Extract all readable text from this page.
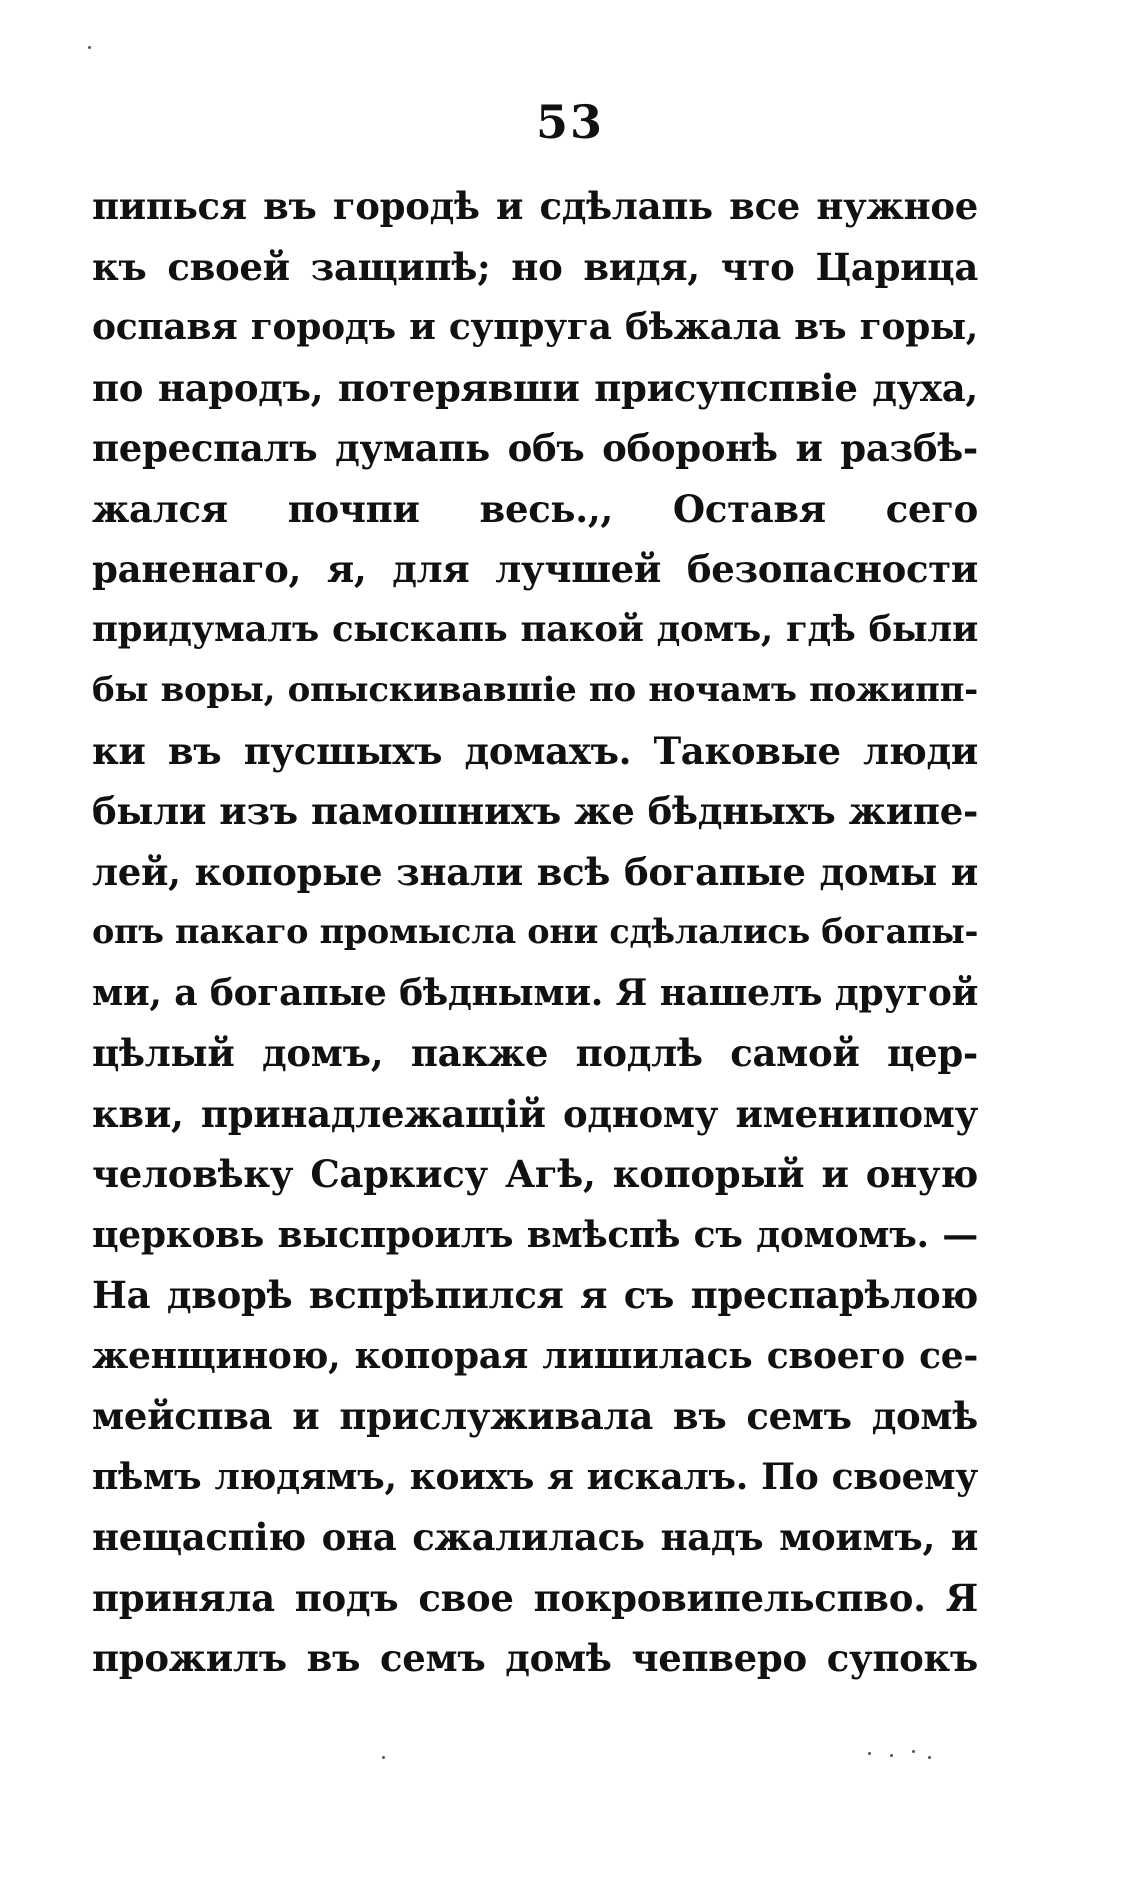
53
пипься въ городѣ и сдѣлапь все нужное
къ своей защипѣ; но видя, что Царица
оспавя городъ и супруга бѣжала въ горы,
по народъ, потерявши присупспвіе духа,
переспалъ думапь объ оборонѣ и разбѣ-
жался почпи весь.,, Оставя сего
раненаго, я, для лучшей безопасности
придумалъ сыскапь пакой домъ, гдѣ были
бы воры, опыскивавшіе по ночамъ пожипп-
ки въ пусшыхъ домахъ. Таковые люди
были изъ памошнихъ же бѣдныхъ жипе-
лей, копорые знали всѣ богапые домы и
опъ пакаго промысла они сдѣлались богапы-
ми, а богапые бѣдными. Я нашелъ другой
цѣлый домъ, пакже подлѣ самой цер-
кви, принадлежащій одному именипому
человѣку Саркису Агѣ, копорый и оную
церковь выспроилъ вмѣспѣ съ домомъ. —
На дворѣ вспрѣпился я съ преспарѣлою
женщиною, копорая лишилась своего се-
мейспва и прислуживала въ семъ домѣ
пѣмъ людямъ, коихъ я искалъ. По своему
нещаспію она сжалилась надъ моимъ, и
приняла подъ свое покровипельспво. Я
прожилъ въ семъ домѣ чепверо супокъ
